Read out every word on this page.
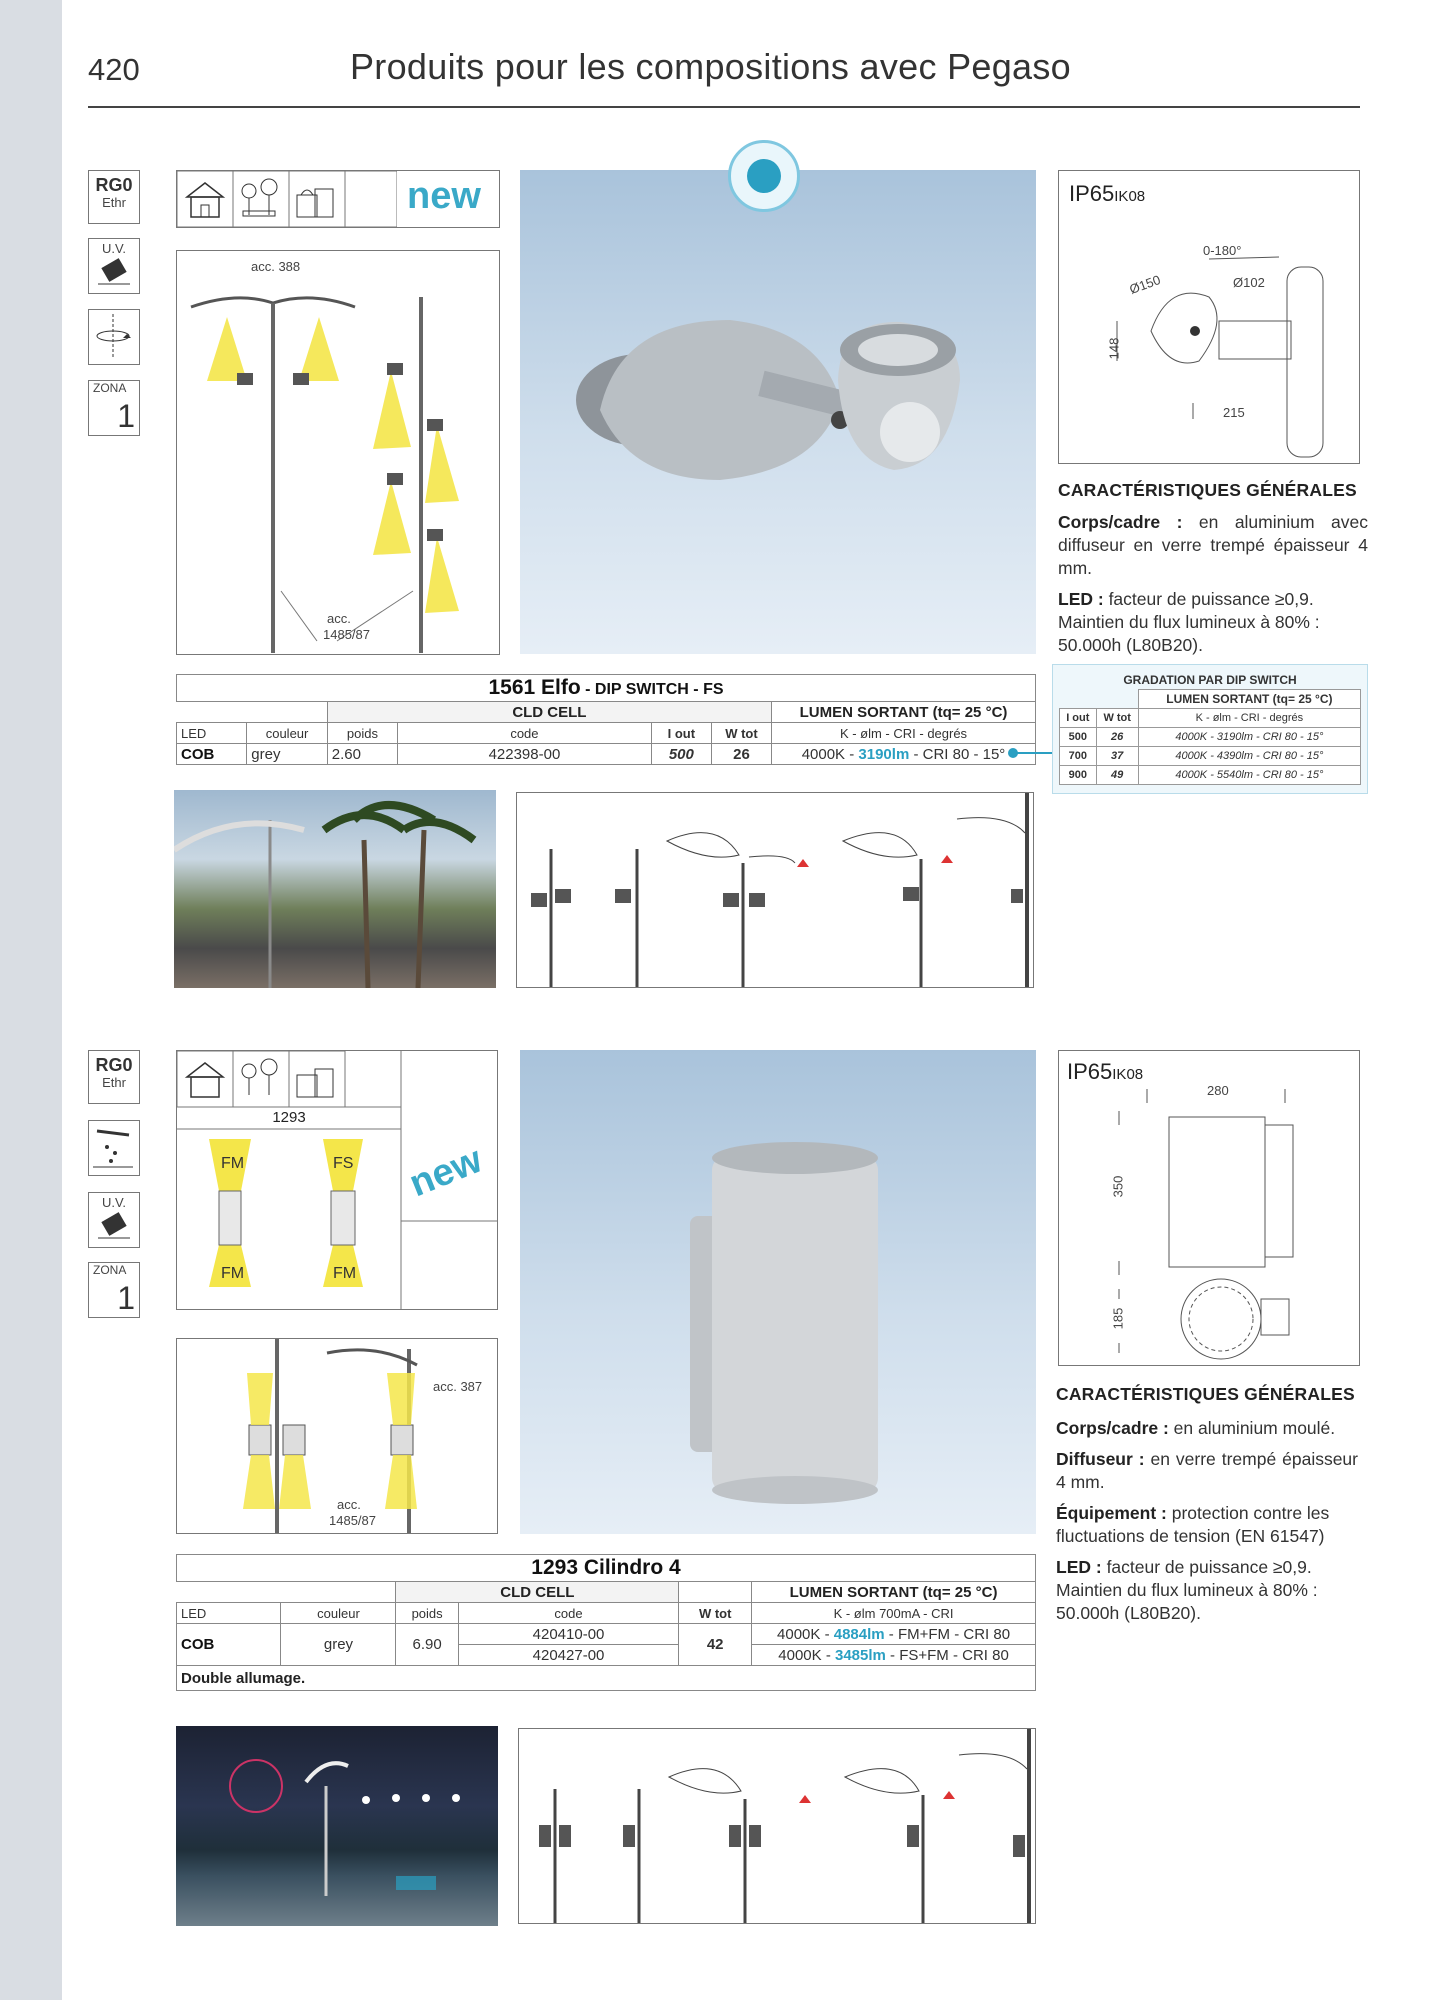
420	Produits pour les compositions avec Pegaso
RG0
Ethr
U.V.
ZONA
1
new
acc. 388
acc.
1485/87
IP65IK08
0-180°
Ø150	Ø102
148
215
CARACTÉRISTIQUES GÉNÉRALES
Corps/cadre : en aluminium avec diffuseur en verre trempé épaisseur 4 mm.
LED : facteur de puissance ≥0,9. Maintien du flux lumineux à 80% : 50.000h (L80B20).
1561 Elfo - DIP SWITCH - FS						
		CLD CELL				LUMEN SORTANT (tq= 25 °C)
LED	couleur	poids	code	I out	W tot	K - ølm - CRI - degrés
COB	grey	2.60	422398-00	500	26	4000K - 3190lm - CRI 80 - 15°
GRADATION PAR DIP SWITCH		
		LUMEN SORTANT (tq= 25 °C)
I out	W tot	K - ølm - CRI - degrés
500	26	4000K - 3190lm - CRI 80 - 15°
700	37	4000K - 4390lm - CRI 80 - 15°
900	49	4000K - 5540lm - CRI 80 - 15°
RG0
Ethr
U.V.
ZONA
1
1293
FM	FS
FM	FM
new
acc. 387
acc.
1485/87
IP65IK08
280
350
185
CARACTÉRISTIQUES GÉNÉRALES
Corps/cadre : en aluminium moulé.
Diffuseur : en verre trempé épaisseur 4 mm.
Équipement : protection contre les fluctuations de tension (EN 61547)
LED : facteur de puissance ≥0,9. Maintien du flux lumineux à 80% : 50.000h (L80B20).
1293 Cilindro 4					
		CLD CELL			LUMEN SORTANT (tq= 25 °C)
LED	couleur	poids	code	W tot	K - ølm 700mA - CRI
COB	grey	6.90	420410-00	42	4000K - 4884lm - FM+FM - CRI 80
			420427-00		4000K - 3485lm - FS+FM - CRI 80
Double allumage.					
